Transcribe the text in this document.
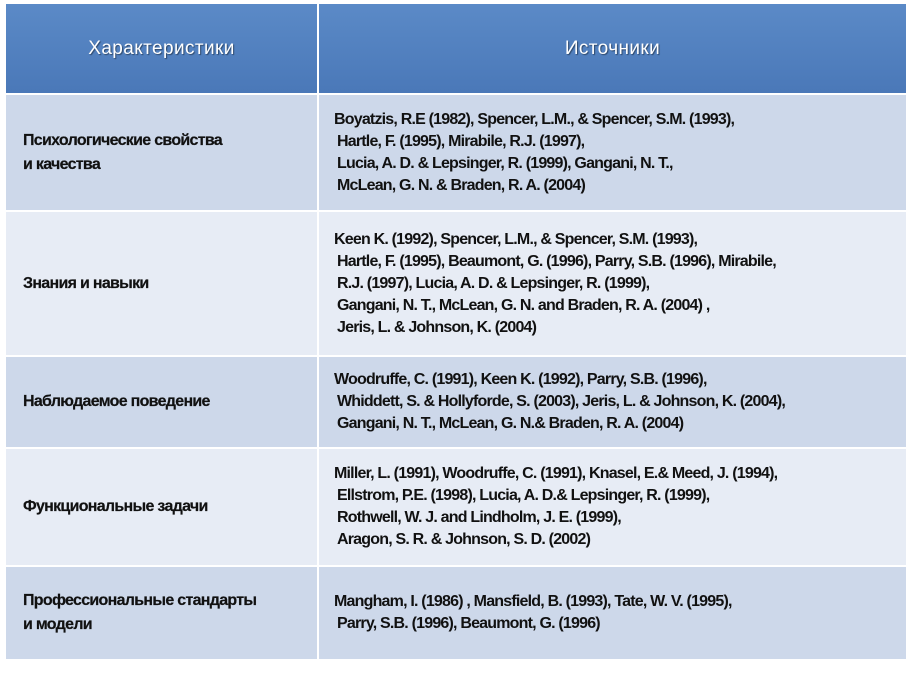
Характеристики	Источники

Психологические свойства
и качества	Boyatzis, R.E (1982), Spencer, L.M., & Spencer, S.M. (1993),
Hartle, F. (1995), Mirabile, R.J. (1997),
Lucia, A. D. & Lepsinger, R. (1999), Gangani, N. T.,
McLean, G. N. & Braden, R. A. (2004)

Знания и навыки	Keen K. (1992), Spencer, L.M., & Spencer, S.M. (1993),
Hartle, F. (1995), Beaumont, G. (1996), Parry, S.B. (1996), Mirabile,
R.J. (1997), Lucia, A. D. & Lepsinger, R. (1999),
Gangani, N. T., McLean, G. N. and Braden, R. A. (2004) ,
Jeris, L. & Johnson, K. (2004)

Наблюдаемое поведение	Woodruffe, C. (1991), Keen K. (1992), Parry, S.B. (1996),
Whiddett, S. & Hollyforde, S. (2003), Jeris, L. & Johnson, K. (2004),
Gangani, N. T., McLean, G. N.& Braden, R. A. (2004)

Функциональные задачи	Miller, L. (1991), Woodruffe, C. (1991), Knasel, E.& Meed, J. (1994),
Ellstrom, P.E. (1998), Lucia, A. D.& Lepsinger, R. (1999),
Rothwell, W. J. and Lindholm, J. E. (1999),
Aragon, S. R. & Johnson, S. D. (2002)

Профессиональные стандарты
и модели	Mangham, I. (1986) , Mansfield, B. (1993), Tate, W. V. (1995),
Parry, S.B. (1996), Beaumont, G. (1996)
